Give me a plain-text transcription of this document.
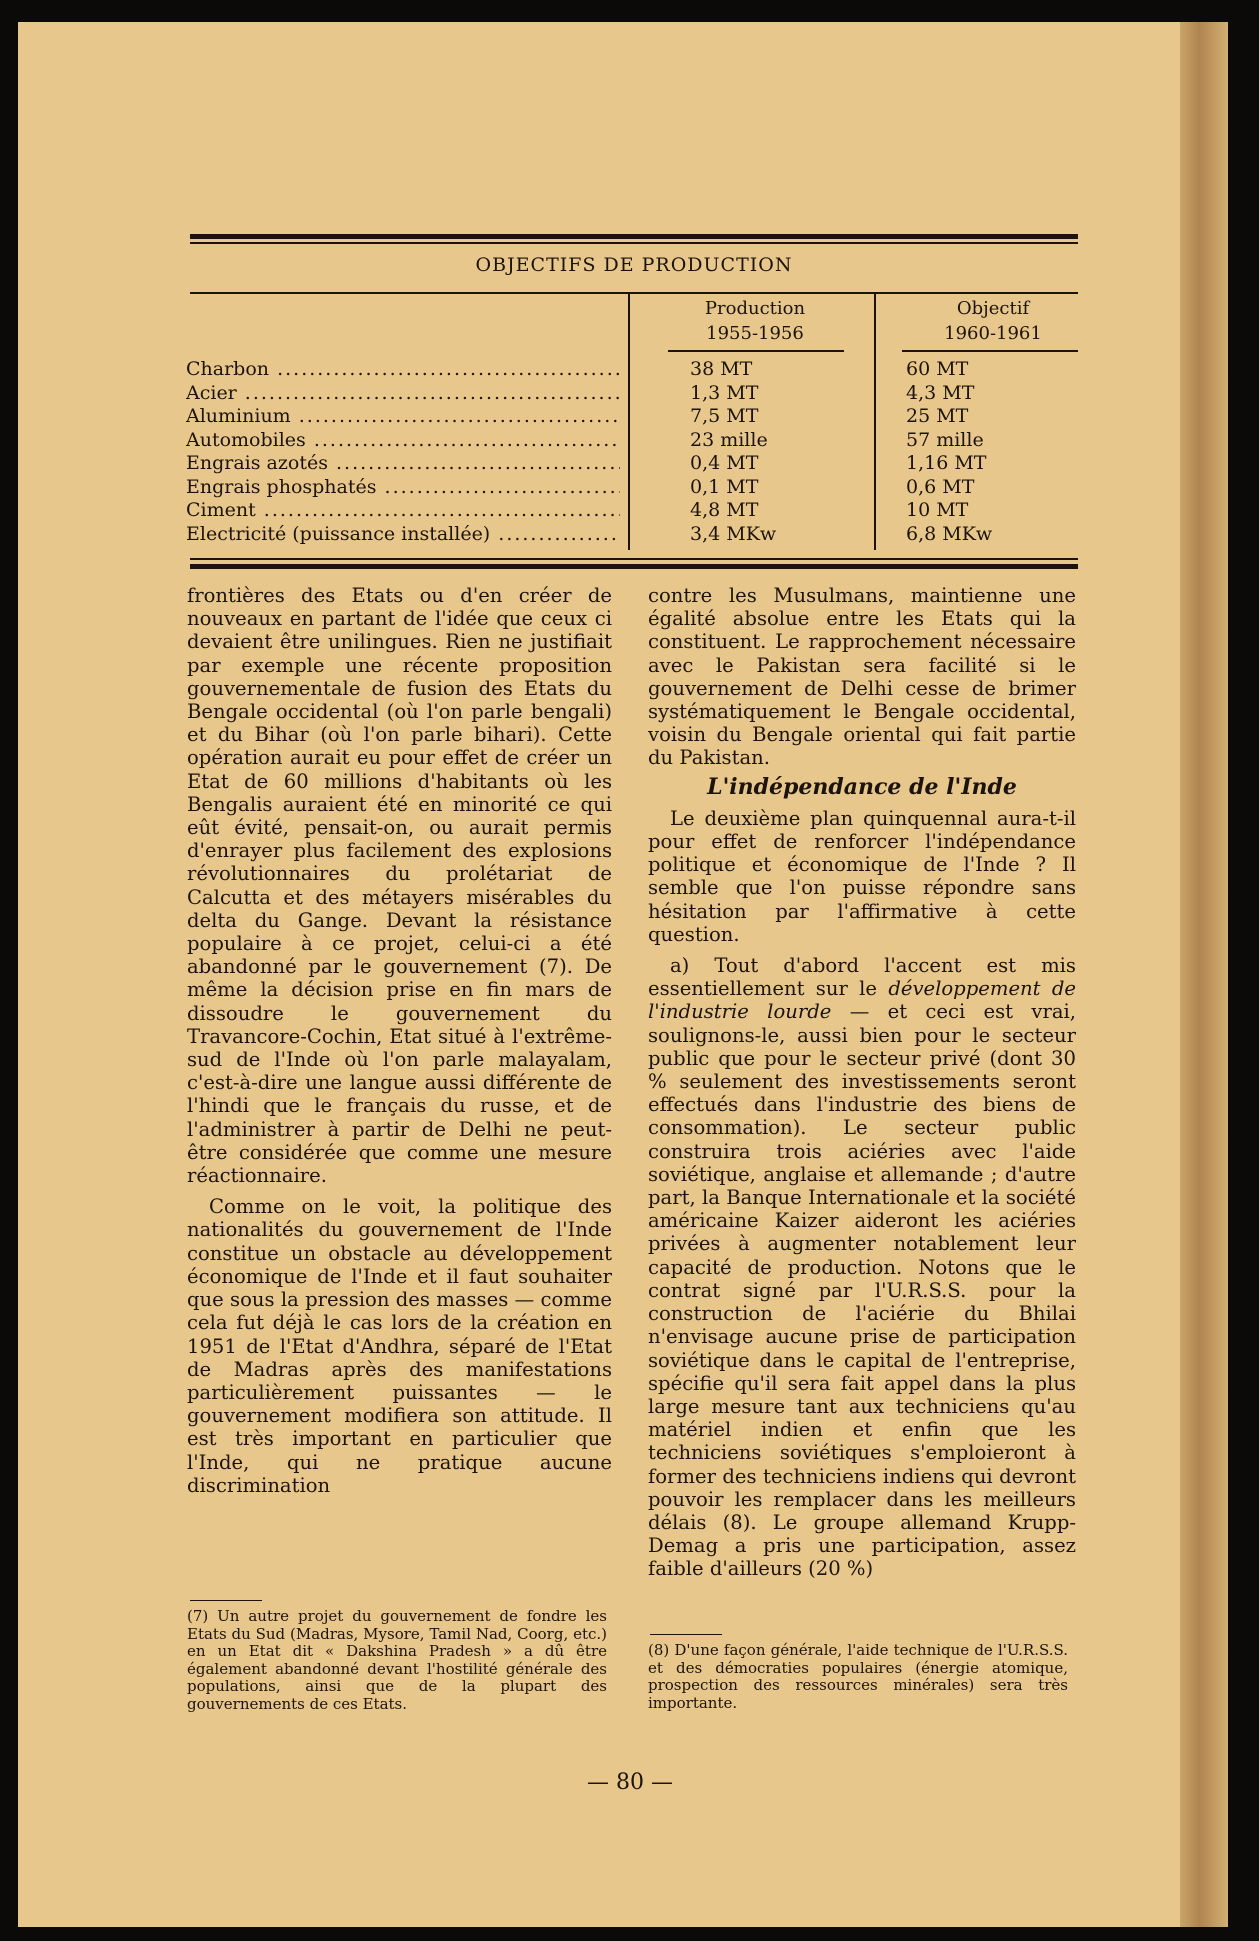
OBJECTIFS DE PRODUCTION
Production
1955-1956
Objectif
1960-1961
Charbon .....
Acier .....
Aluminium .....
Automobiles .....
Engrais azotés .....
Engrais phosphatés .....
Ciment .....
Electricité (puissance installée) .....
38 MT
1,3 MT
7,5 MT
23 mille
0,4 MT
0,1 MT
4,8 MT
3,4 MKw
60 MT
4,3 MT
25 MT
57 mille
1,16 MT
0,6 MT
10 MT
6,8 MKw

frontières des Etats ou d'en créer de nouveaux en partant de l'idée que ceux ci devaient être unilingues. Rien ne justifiait par exemple une récente proposition gouvernementale de fusion des Etats du Bengale occidental (où l'on parle bengali) et du Bihar (où l'on parle bihari). Cette opération aurait eu pour effet de créer un Etat de 60 millions d'habitants où les Bengalis auraient été en minorité ce qui eût évité, pensait-on, ou aurait permis d'enrayer plus facilement des explosions révolutionnaires du prolétariat de Calcutta et des métayers misérables du delta du Gange. Devant la résistance populaire à ce projet, celui-ci a été abandonné par le gouvernement (7). De même la décision prise en fin mars de dissoudre le gouvernement du Travancore-Cochin, Etat situé à l'extrême-sud de l'Inde où l'on parle malayalam, c'est-à-dire une langue aussi différente de l'hindi que le français du russe, et de l'administrer à partir de Delhi ne peut-être considérée que comme une mesure réactionnaire.

Comme on le voit, la politique des nationalités du gouvernement de l'Inde constitue un obstacle au développement économique de l'Inde et il faut souhaiter que sous la pression des masses — comme cela fut déjà le cas lors de la création en 1951 de l'Etat d'Andhra, séparé de l'Etat de Madras après des manifestations particulièrement puissantes — le gouvernement modifiera son attitude. Il est très important en particulier que l'Inde, qui ne pratique aucune discrimination

contre les Musulmans, maintienne une égalité absolue entre les Etats qui la constituent. Le rapprochement nécessaire avec le Pakistan sera facilité si le gouvernement de Delhi cesse de brimer systématiquement le Bengale occidental, voisin du Bengale oriental qui fait partie du Pakistan.

L'indépendance de l'Inde

Le deuxième plan quinquennal aura-t-il pour effet de renforcer l'indépendance politique et économique de l'Inde ? Il semble que l'on puisse répondre sans hésitation par l'affirmative à cette question.

a) Tout d'abord l'accent est mis essentiellement sur le développement de l'industrie lourde — et ceci est vrai, soulignons-le, aussi bien pour le secteur public que pour le secteur privé (dont 30 % seulement des investissements seront effectués dans l'industrie des biens de consommation). Le secteur public construira trois aciéries avec l'aide soviétique, anglaise et allemande ; d'autre part, la Banque Internationale et la société américaine Kaizer aideront les aciéries privées à augmenter notablement leur capacité de production. Notons que le contrat signé par l'U.R.S.S. pour la construction de l'aciérie du Bhilai n'envisage aucune prise de participation soviétique dans le capital de l'entreprise, spécifie qu'il sera fait appel dans la plus large mesure tant aux techniciens qu'au matériel indien et enfin que les techniciens soviétiques s'emploieront à former des techniciens indiens qui devront pouvoir les remplacer dans les meilleurs délais (8). Le groupe allemand Krupp-Demag a pris une participation, assez faible d'ailleurs (20 %)

(7) Un autre projet du gouvernement de fondre les Etats du Sud (Madras, Mysore, Tamil Nad, Coorg, etc.) en un Etat dit « Dakshina Pradesh » a dû être également abandonné devant l'hostilité générale des populations, ainsi que de la plupart des gouvernements de ces Etats.
(8) D'une façon générale, l'aide technique de l'U.R.S.S. et des démocraties populaires (énergie atomique, prospection des ressources minérales) sera très importante.
— 80 —
